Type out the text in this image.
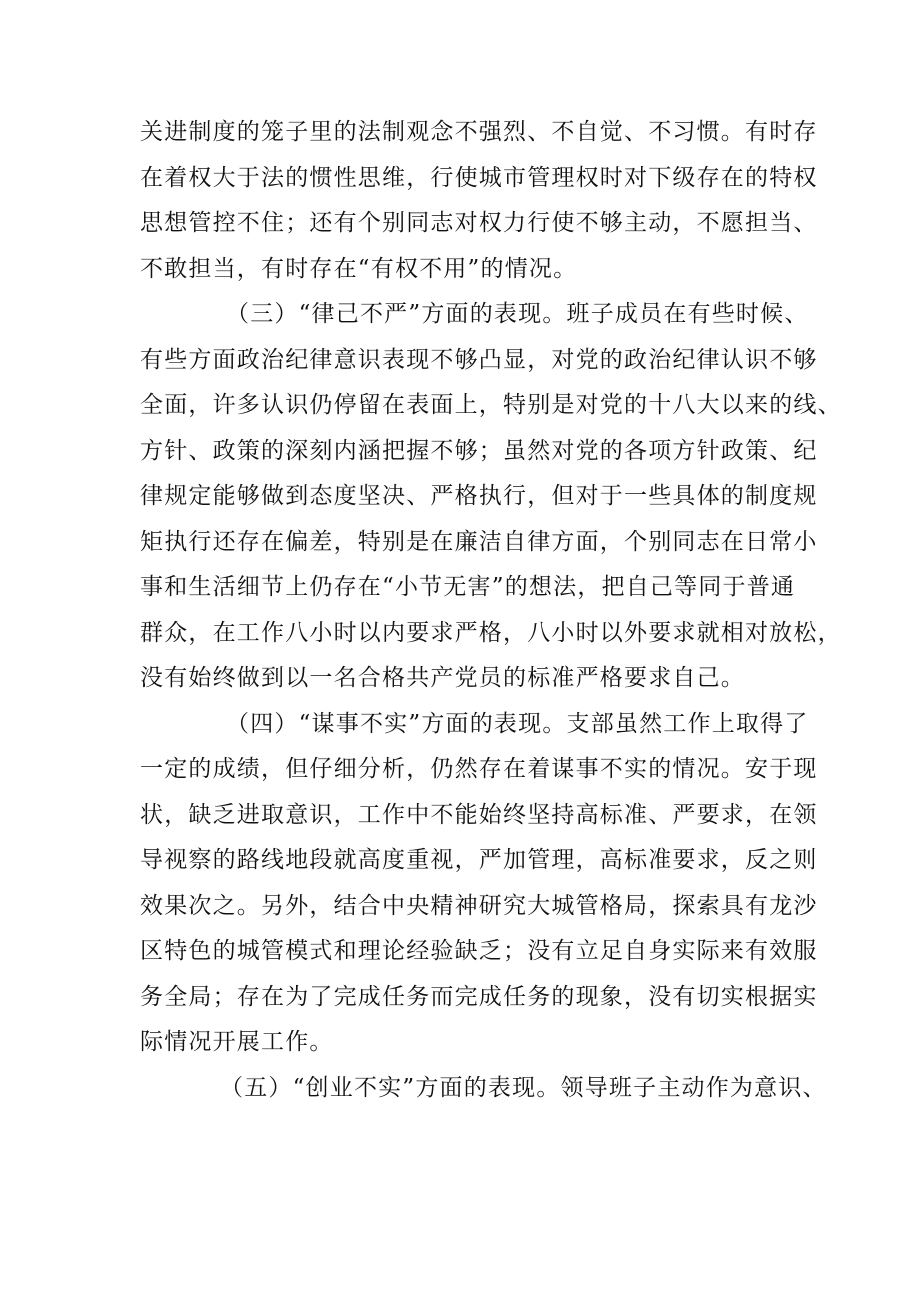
关进制度的笼子里的法制观念不强烈、不自觉、不习惯。有时存
在着权大于法的惯性思维，行使城市管理权时对下级存在的特权
思想管控不住；还有个别同志对权力行使不够主动，不愿担当、
不敢担当，有时存在“有权不用”的情况。
（三）“律己不严”方面的表现。班子成员在有些时候、
有些方面政治纪律意识表现不够凸显，对党的政治纪律认识不够
全面，许多认识仍停留在表面上，特别是对党的十八大以来的线、
方针、政策的深刻内涵把握不够；虽然对党的各项方针政策、纪
律规定能够做到态度坚决、严格执行，但对于一些具体的制度规
矩执行还存在偏差，特别是在廉洁自律方面，个别同志在日常小
事和生活细节上仍存在“小节无害”的想法，把自己等同于普通
群众，在工作八小时以内要求严格，八小时以外要求就相对放松，
没有始终做到以一名合格共产党员的标准严格要求自己。
（四）“谋事不实”方面的表现。支部虽然工作上取得了
一定的成绩，但仔细分析，仍然存在着谋事不实的情况。安于现
状，缺乏进取意识，工作中不能始终坚持高标准、严要求，在领
导视察的路线地段就高度重视，严加管理，高标准要求，反之则
效果次之。另外，结合中央精神研究大城管格局，探索具有龙沙
区特色的城管模式和理论经验缺乏；没有立足自身实际来有效服
务全局；存在为了完成任务而完成任务的现象，没有切实根据实
际情况开展工作。
（五）“创业不实”方面的表现。领导班子主动作为意识、
